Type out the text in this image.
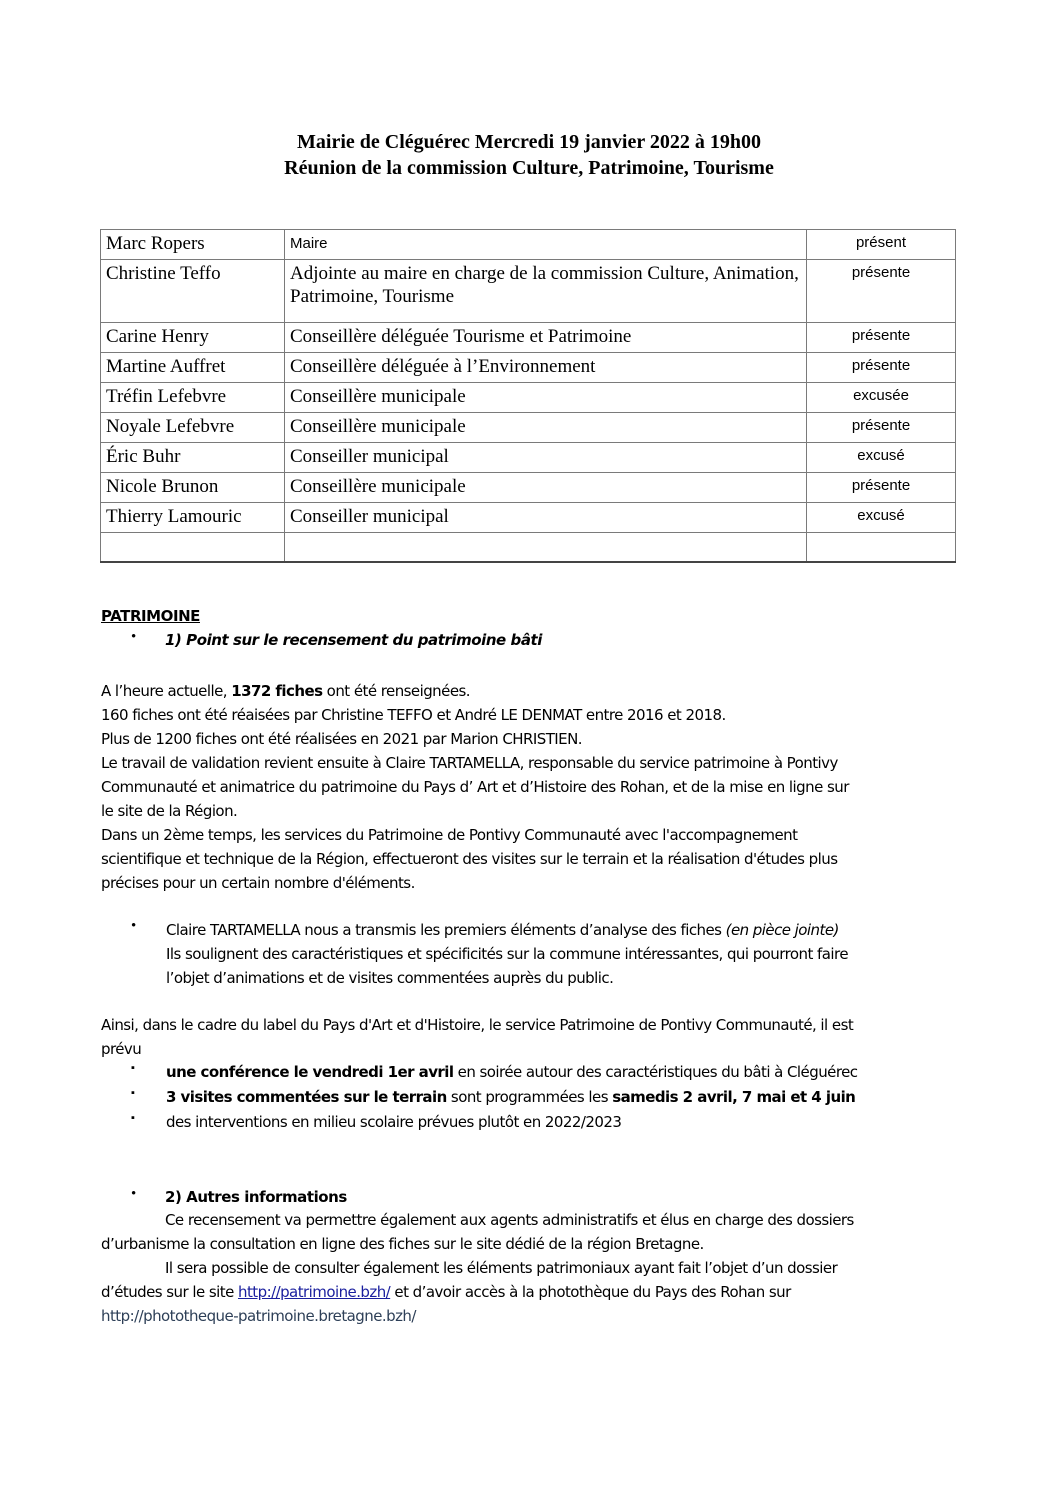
Mairie de Cléguérec Mercredi 19 janvier 2022 à 19h00
Réunion de la commission Culture, Patrimoine, Tourisme
Marc Ropers	Maire	présent
Christine Teffo	Adjointe au maire en charge de la commission Culture, Animation, Patrimoine, Tourisme	présente
Carine Henry	Conseillère déléguée Tourisme et Patrimoine	présente
Martine Auffret	Conseillère déléguée à l’Environnement	présente
Tréfin Lefebvre	Conseillère municipale	excusée
Noyale Lefebvre	Conseillère municipale	présente
Éric Buhr	Conseiller municipal	excusé
Nicole Brunon	Conseillère municipale	présente
Thierry Lamouric	Conseiller municipal	excusé

PATRIMOINE
• 1) Point sur le recensement du patrimoine bâti
A l’heure actuelle, 1372 fiches ont été renseignées.
160 fiches ont été réaisées par Christine TEFFO et André LE DENMAT entre 2016 et 2018.
Plus de 1200 fiches ont été réalisées en 2021 par Marion CHRISTIEN.
Le travail de validation revient ensuite à Claire TARTAMELLA, responsable du service patrimoine à Pontivy
Communauté et animatrice du patrimoine du Pays d’ Art et d’Histoire des Rohan, et de la mise en ligne sur
le site de la Région.
Dans un 2ème temps, les services du Patrimoine de Pontivy Communauté avec l'accompagnement
scientifique et technique de la Région, effectueront des visites sur le terrain et la réalisation d'études plus
précises pour un certain nombre d'éléments.
• Claire TARTAMELLA nous a transmis les premiers éléments d’analyse des fiches (en pièce jointe)
Ils soulignent des caractéristiques et spécificités sur la commune intéressantes, qui pourront faire
l’objet d’animations et de visites commentées auprès du public.
Ainsi, dans le cadre du label du Pays d'Art et d'Histoire, le service Patrimoine de Pontivy Communauté, il est
prévu
▪ une conférence le vendredi 1er avril en soirée autour des caractéristiques du bâti à Cléguérec
▪ 3 visites commentées sur le terrain sont programmées les samedis 2 avril, 7 mai et 4 juin
▪ des interventions en milieu scolaire prévues plutôt en 2022/2023
• 2) Autres informations
Ce recensement va permettre également aux agents administratifs et élus en charge des dossiers
d’urbanisme la consultation en ligne des fiches sur le site dédié de la région Bretagne.
Il sera possible de consulter également les éléments patrimoniaux ayant fait l’objet d’un dossier
d’études sur le site http://patrimoine.bzh/ et d’avoir accès à la photothèque du Pays des Rohan sur
http://phototheque-patrimoine.bretagne.bzh/
